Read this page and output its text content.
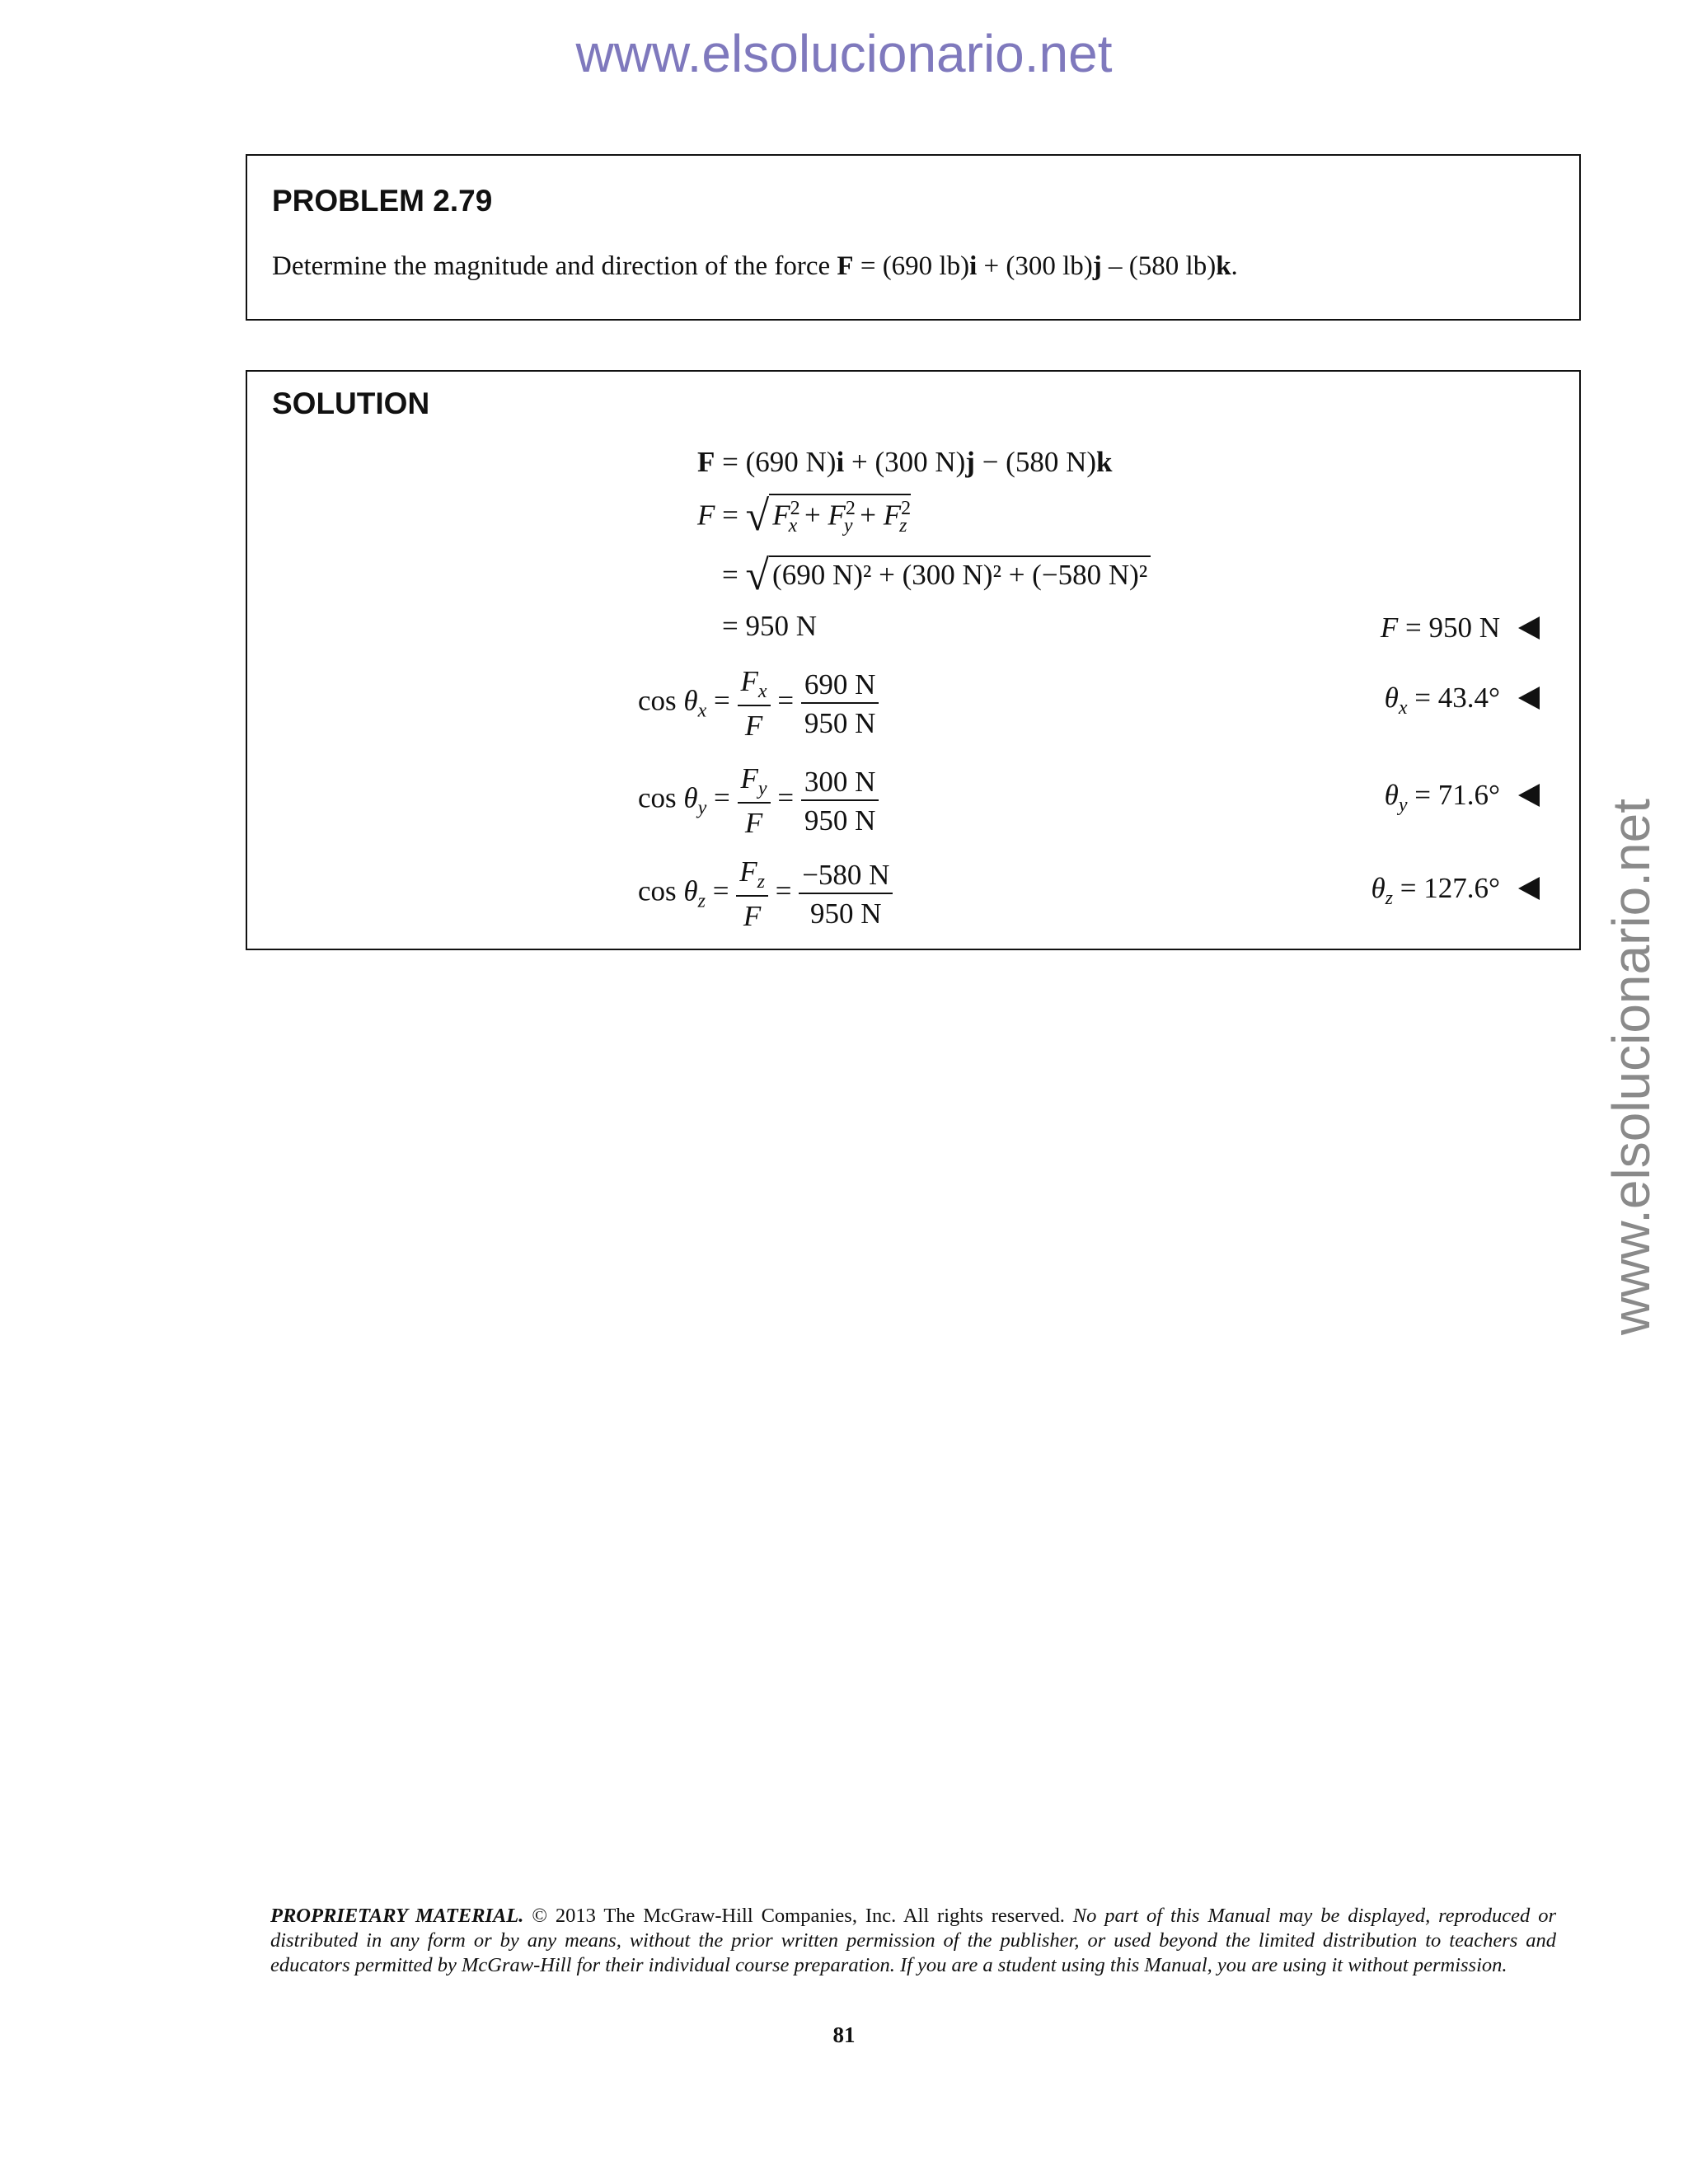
www.elsolucionario.net
www.elsolucionario.net
PROBLEM 2.79
Determine the magnitude and direction of the force F = (690 lb)i + (300 lb)j – (580 lb)k.
SOLUTION
F = (690 N)i + (300 N)j − (580 N)k
F = √ $F^2_x + F^2_y + F^2_z$
= √ (690 N)² + (300 N)² + (−580 N)²
= 950 N	F = 950 N
$\cos \theta_x = \frac{F_x}{F} = \frac{690 N}{950 N}$	$\theta_x = 43.4^\circ$
$\cos \theta_y = \frac{F_y}{F} = \frac{300 N}{950 N}$	$\theta_y = 71.6^\circ$
$\cos \theta_z = \frac{F_z}{F} = \frac{-580 N}{950 N}$	$\theta_z = 127.6^\circ$
PROPRIETARY MATERIAL. © 2013 The McGraw-Hill Companies, Inc. All rights reserved. No part of this Manual may be displayed, reproduced or distributed in any form or by any means, without the prior written permission of the publisher, or used beyond the limited distribution to teachers and educators permitted by McGraw-Hill for their individual course preparation. If you are a student using this Manual, you are using it without permission.
81
